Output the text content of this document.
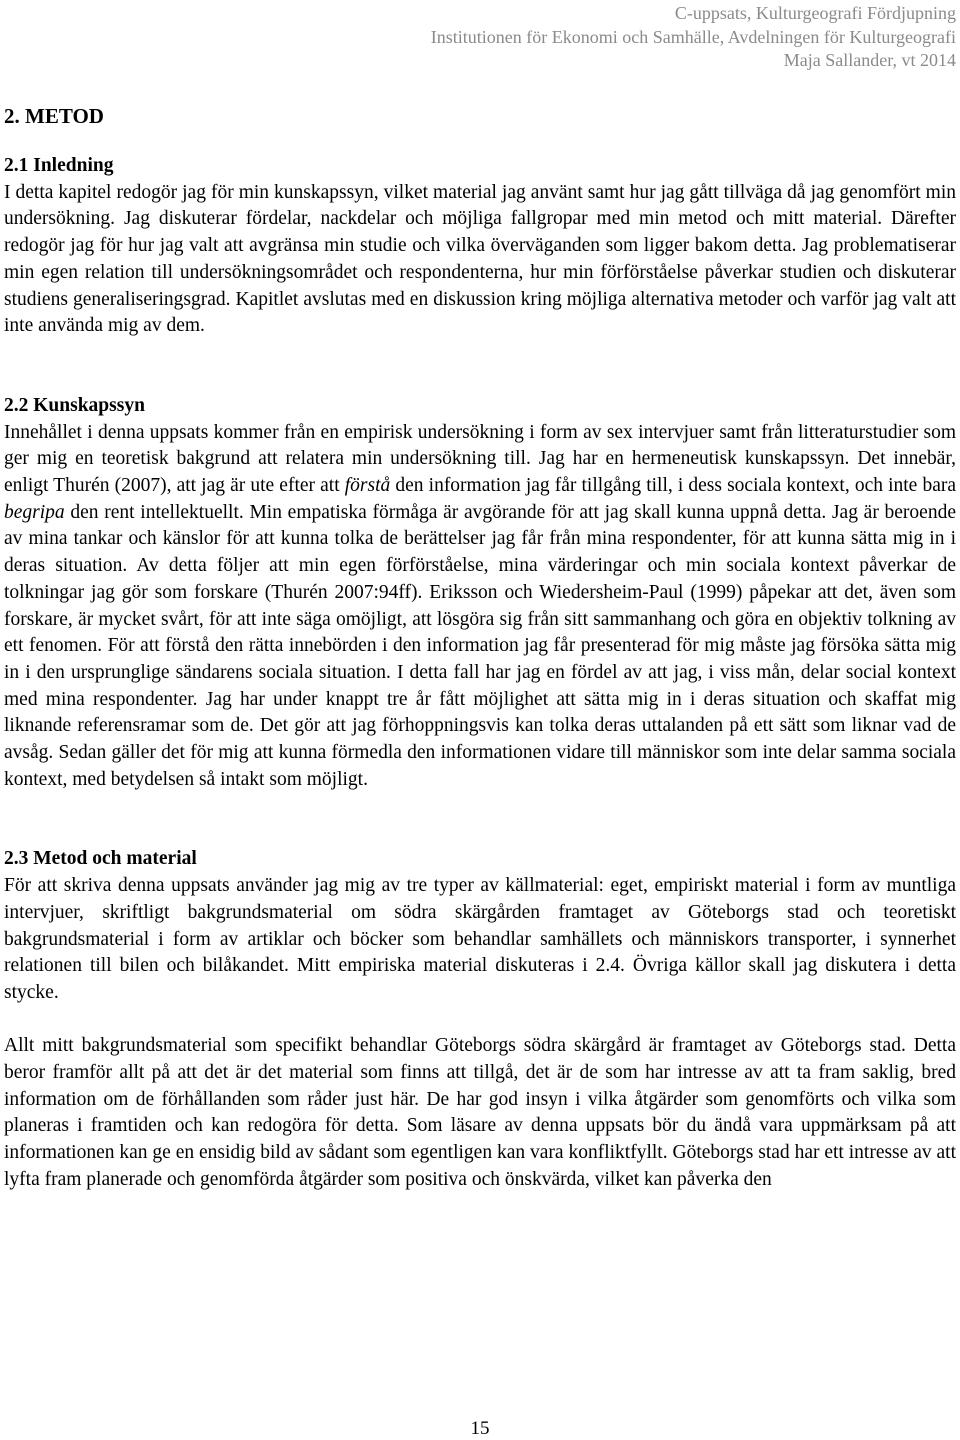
C-uppsats, Kulturgeografi Fördjupning
Institutionen för Ekonomi och Samhälle, Avdelningen för Kulturgeografi
Maja Sallander, vt 2014
2. METOD
2.1 Inledning

I detta kapitel redogör jag för min kunskapssyn, vilket material jag använt samt hur jag gått tillväga då jag genomfört min undersökning. Jag diskuterar fördelar, nackdelar och möjliga fallgropar med min metod och mitt material. Därefter redogör jag för hur jag valt att avgränsa min studie och vilka överväganden som ligger bakom detta. Jag problematiserar min egen relation till undersökningsområdet och respondenterna, hur min förförståelse påverkar studien och diskuterar studiens generaliseringsgrad. Kapitlet avslutas med en diskussion kring möjliga alternativa metoder och varför jag valt att inte använda mig av dem.

2.2 Kunskapssyn

Innehållet i denna uppsats kommer från en empirisk undersökning i form av sex intervjuer samt från litteraturstudier som ger mig en teoretisk bakgrund att relatera min undersökning till. Jag har en hermeneutisk kunskapssyn. Det innebär, enligt Thurén (2007), att jag är ute efter att förstå den information jag får tillgång till, i dess sociala kontext, och inte bara begripa den rent intellektuellt. Min empatiska förmåga är avgörande för att jag skall kunna uppnå detta. Jag är beroende av mina tankar och känslor för att kunna tolka de berättelser jag får från mina respondenter, för att kunna sätta mig in i deras situation. Av detta följer att min egen förförståelse, mina värderingar och min sociala kontext påverkar de tolkningar jag gör som forskare (Thurén 2007:94ff). Eriksson och Wiedersheim-Paul (1999) påpekar att det, även som forskare, är mycket svårt, för att inte säga omöjligt, att lösgöra sig från sitt sammanhang och göra en objektiv tolkning av ett fenomen. För att förstå den rätta innebörden i den information jag får presenterad för mig måste jag försöka sätta mig in i den ursprunglige sändarens sociala situation. I detta fall har jag en fördel av att jag, i viss mån, delar social kontext med mina respondenter. Jag har under knappt tre år fått möjlighet att sätta mig in i deras situation och skaffat mig liknande referensramar som de. Det gör att jag förhoppningsvis kan tolka deras uttalanden på ett sätt som liknar vad de avsåg. Sedan gäller det för mig att kunna förmedla den informationen vidare till människor som inte delar samma sociala kontext, med betydelsen så intakt som möjligt.

2.3 Metod och material

För att skriva denna uppsats använder jag mig av tre typer av källmaterial: eget, empiriskt material i form av muntliga intervjuer, skriftligt bakgrundsmaterial om södra skärgården framtaget av Göteborgs stad och teoretiskt bakgrundsmaterial i form av artiklar och böcker som behandlar samhällets och människors transporter, i synnerhet relationen till bilen och bilåkandet. Mitt empiriska material diskuteras i 2.4. Övriga källor skall jag diskutera i detta stycke.

Allt mitt bakgrundsmaterial som specifikt behandlar Göteborgs södra skärgård är framtaget av Göteborgs stad. Detta beror framför allt på att det är det material som finns att tillgå, det är de som har intresse av att ta fram saklig, bred information om de förhållanden som råder just här. De har god insyn i vilka åtgärder som genomförts och vilka som planeras i framtiden och kan redogöra för detta. Som läsare av denna uppsats bör du ändå vara uppmärksam på att informationen kan ge en ensidig bild av sådant som egentligen kan vara konfliktfyllt. Göteborgs stad har ett intresse av att lyfta fram planerade och genomförda åtgärder som positiva och önskvärda, vilket kan påverka den

15
